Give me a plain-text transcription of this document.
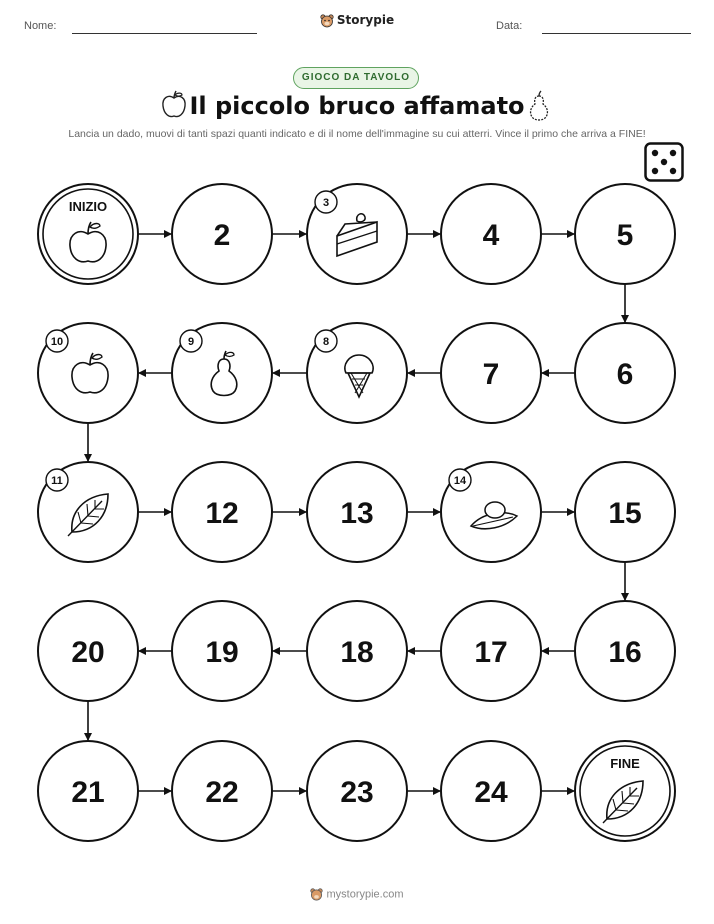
Nome:	Storypie	Data:
GIOCO DA TAVOLO
Il piccolo bruco affamato
Lancia un dado, muovi di tanti spazi quanti indicato e di il nome dell'immagine su cui atterri. Vince il primo che arriva a FINE!
INIZIO
2
3
4	5
6
7
8
9
10
11
12	13
14
15
16
17
18
19
20
21	22	23	24
FINE
mystorypie.com
